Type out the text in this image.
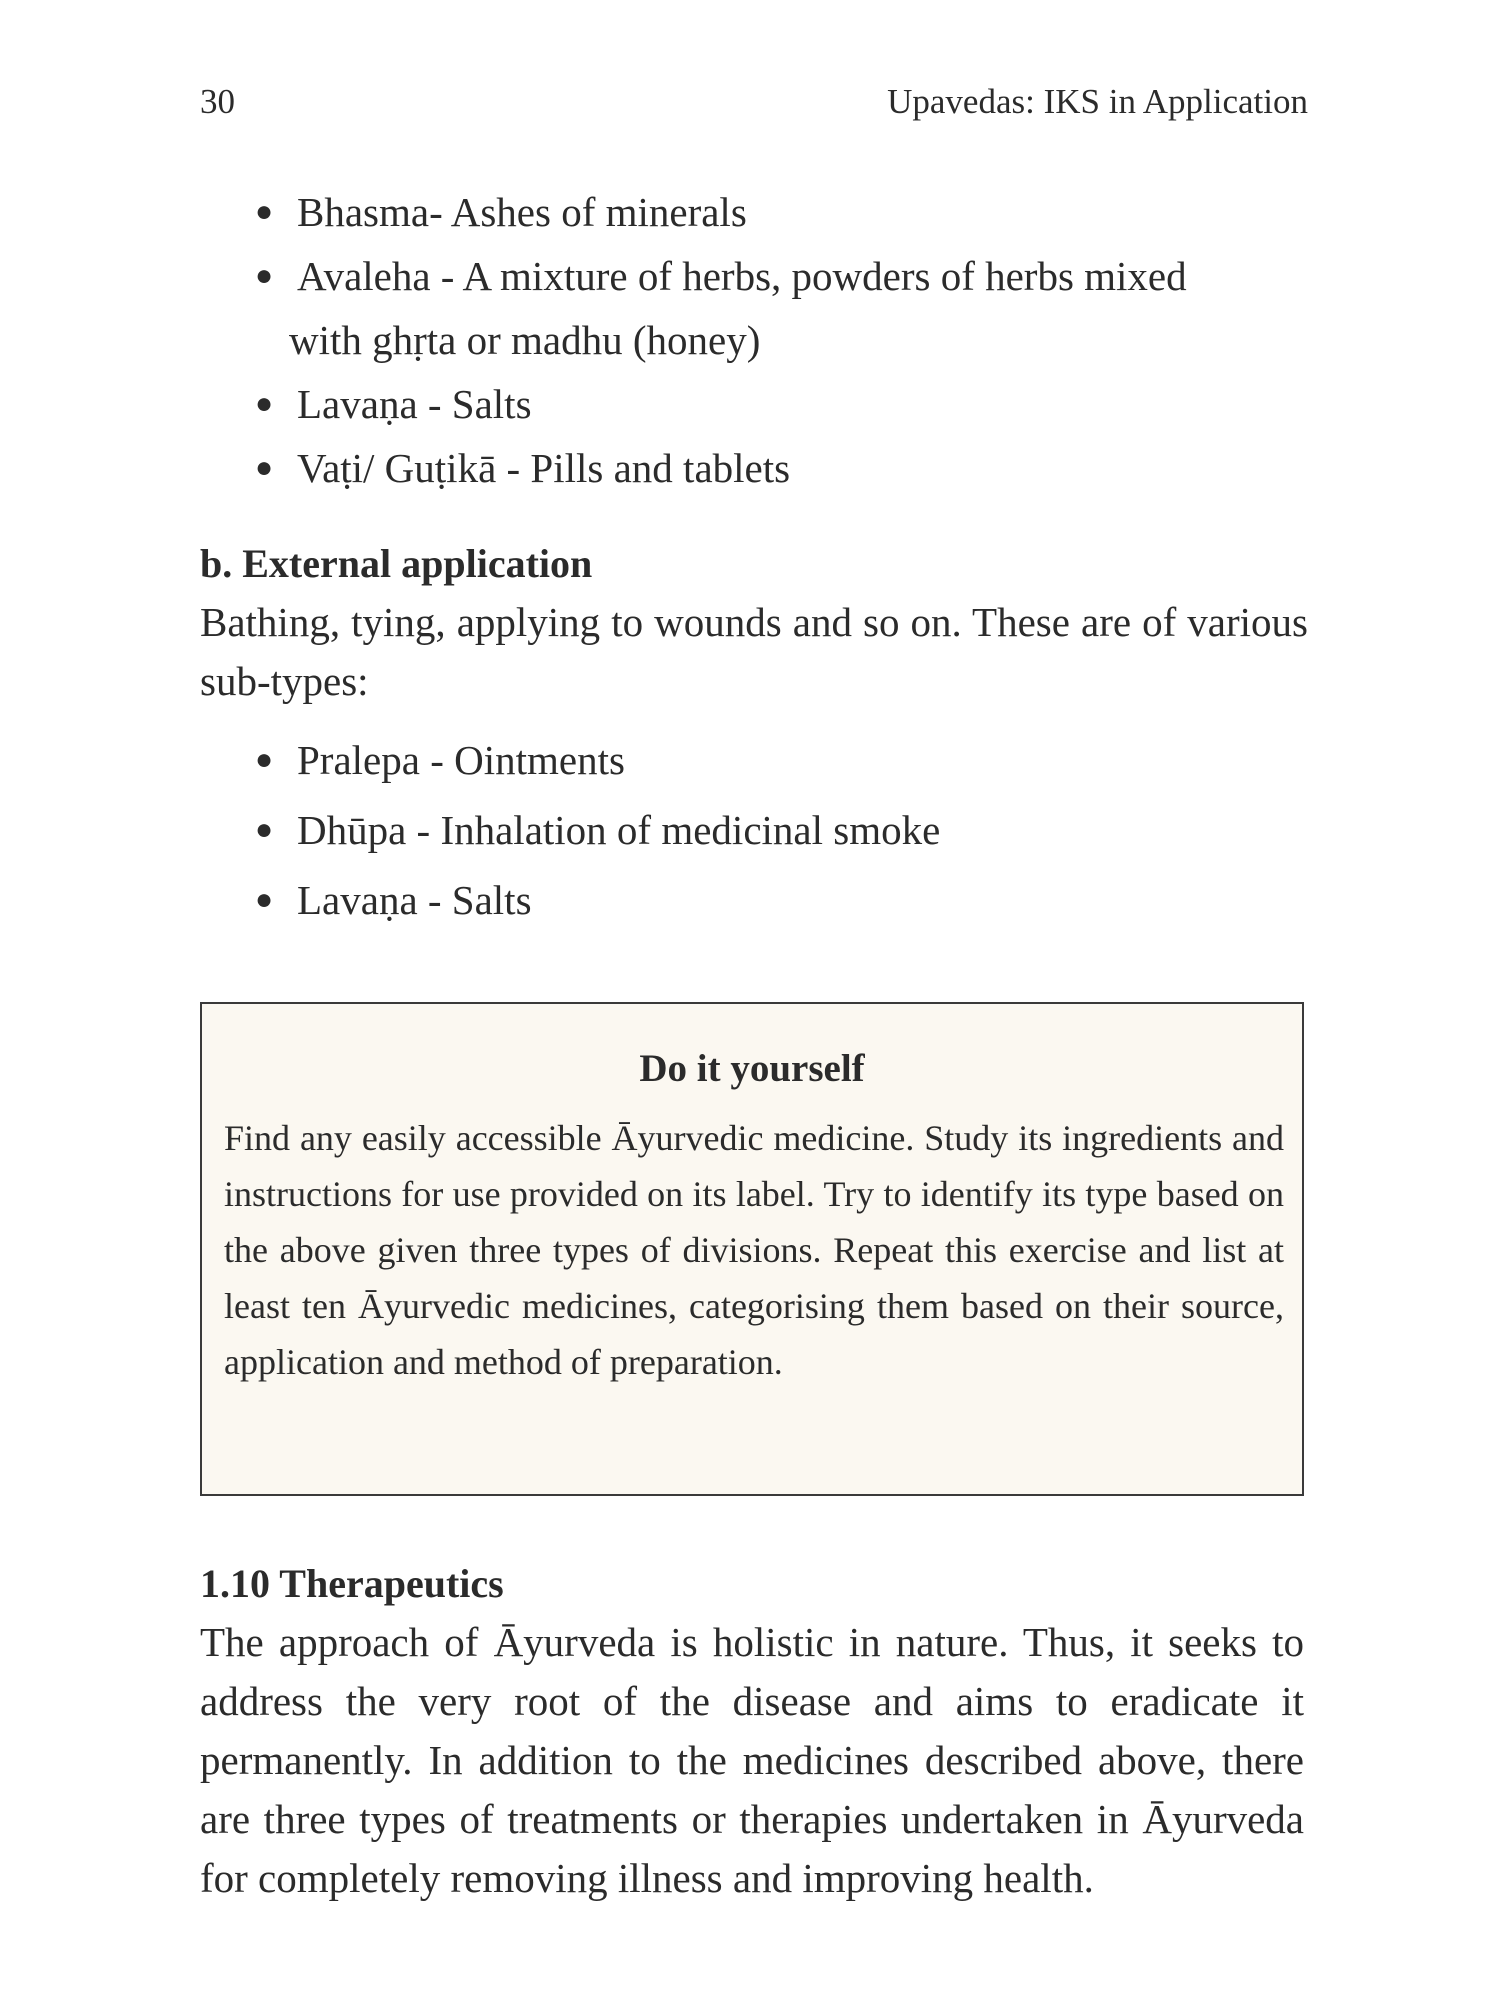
30	Upavedas: IKS in Application
● Bhasma- Ashes of minerals
● Avaleha - A mixture of herbs, powders of herbs mixed
with ghṛta or madhu (honey)
● Lavaṇa - Salts
● Vaṭi/ Guṭikā - Pills and tablets
b. External application

Bathing, tying, applying to wounds and so on. These are of various sub-types:

● Pralepa - Ointments
● Dhūpa - Inhalation of medicinal smoke
● Lavaṇa - Salts
Do it yourself

Find any easily accessible Āyurvedic medicine. Study its ingredients and instructions for use provided on its label. Try to identify its type based on the above given three types of divisions. Repeat this exercise and list at least ten Āyurvedic medicines, categorising them based on their source, application and method of preparation.

1.10 Therapeutics

The approach of Āyurveda is holistic in nature. Thus, it seeks to address the very root of the disease and aims to eradicate it permanently. In addition to the medicines described above, there are three types of treatments or therapies undertaken in Āyurveda for completely removing illness and improving health.
